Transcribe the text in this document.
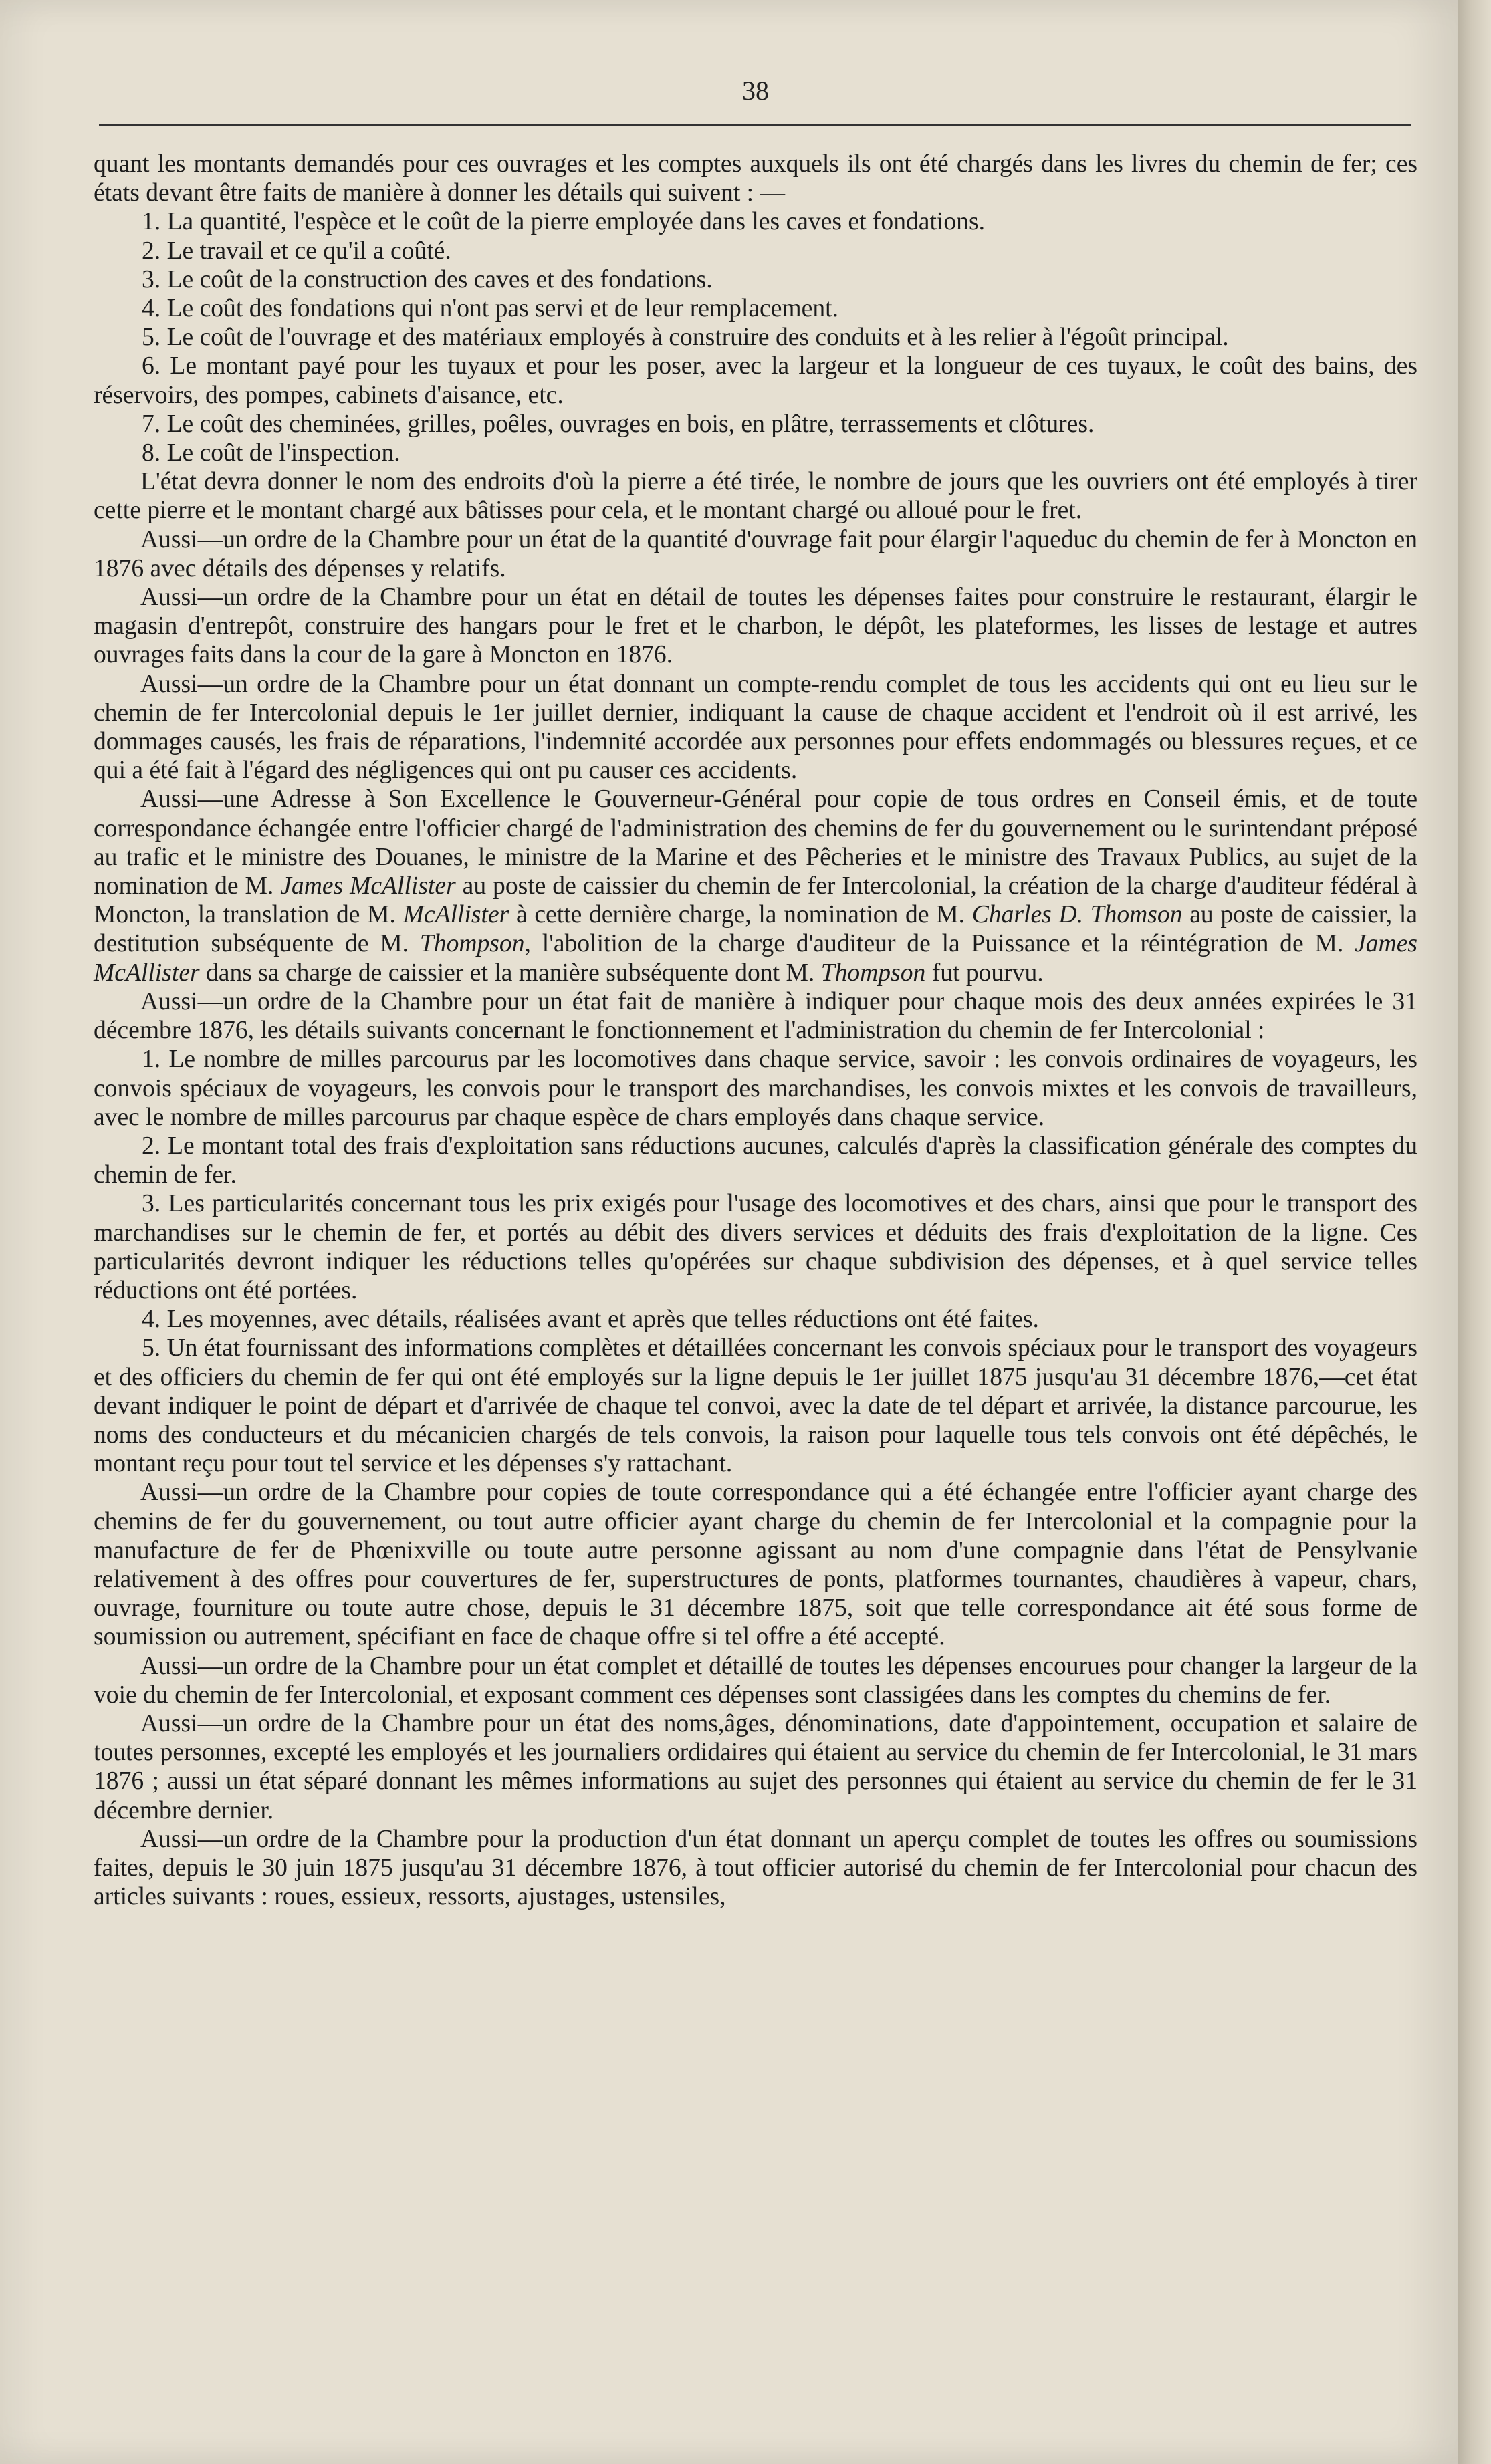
38

quant les montants demandés pour ces ouvrages et les comptes auxquels ils ont été chargés dans les livres du chemin de fer; ces états devant être faits de manière à donner les détails qui suivent : —

1. La quantité, l'espèce et le coût de la pierre employée dans les caves et fondations.

2. Le travail et ce qu'il a coûté.

3. Le coût de la construction des caves et des fondations.

4. Le coût des fondations qui n'ont pas servi et de leur remplacement.

5. Le coût de l'ouvrage et des matériaux employés à construire des conduits et à les relier à l'égoût principal.

6. Le montant payé pour les tuyaux et pour les poser, avec la largeur et la longueur de ces tuyaux, le coût des bains, des réservoirs, des pompes, cabinets d'aisance, etc.

7. Le coût des cheminées, grilles, poêles, ouvrages en bois, en plâtre, terrassements et clôtures.

8. Le coût de l'inspection.

L'état devra donner le nom des endroits d'où la pierre a été tirée, le nombre de jours que les ouvriers ont été employés à tirer cette pierre et le montant chargé aux bâtisses pour cela, et le montant chargé ou alloué pour le fret.

Aussi—un ordre de la Chambre pour un état de la quantité d'ouvrage fait pour élargir l'aqueduc du chemin de fer à Moncton en 1876 avec détails des dépenses y relatifs.

Aussi—un ordre de la Chambre pour un état en détail de toutes les dépenses faites pour construire le restaurant, élargir le magasin d'entrepôt, construire des hangars pour le fret et le charbon, le dépôt, les plateformes, les lisses de lestage et autres ouvrages faits dans la cour de la gare à Moncton en 1876.

Aussi—un ordre de la Chambre pour un état donnant un compte-rendu complet de tous les accidents qui ont eu lieu sur le chemin de fer Intercolonial depuis le 1er juillet dernier, indiquant la cause de chaque accident et l'endroit où il est arrivé, les dommages causés, les frais de réparations, l'indemnité accordée aux personnes pour effets endommagés ou blessures reçues, et ce qui a été fait à l'égard des négligences qui ont pu causer ces accidents.

Aussi—une Adresse à Son Excellence le Gouverneur-Général pour copie de tous ordres en Conseil émis, et de toute correspondance échangée entre l'officier chargé de l'administration des chemins de fer du gouvernement ou le surintendant préposé au trafic et le ministre des Douanes, le ministre de la Marine et des Pêcheries et le ministre des Travaux Publics, au sujet de la nomination de M. James McAllister au poste de caissier du chemin de fer Intercolonial, la création de la charge d'auditeur fédéral à Moncton, la translation de M. McAllister à cette dernière charge, la nomination de M. Charles D. Thomson au poste de caissier, la destitution subséquente de M. Thompson, l'abolition de la charge d'auditeur de la Puissance et la réintégration de M. James McAllister dans sa charge de caissier et la manière subséquente dont M. Thompson fut pourvu.

Aussi—un ordre de la Chambre pour un état fait de manière à indiquer pour chaque mois des deux années expirées le 31 décembre 1876, les détails suivants concernant le fonctionnement et l'administration du chemin de fer Intercolonial :

1. Le nombre de milles parcourus par les locomotives dans chaque service, savoir : les convois ordinaires de voyageurs, les convois spéciaux de voyageurs, les convois pour le transport des marchandises, les convois mixtes et les convois de travailleurs, avec le nombre de milles parcourus par chaque espèce de chars employés dans chaque service.

2. Le montant total des frais d'exploitation sans réductions aucunes, calculés d'après la classification générale des comptes du chemin de fer.

3. Les particularités concernant tous les prix exigés pour l'usage des locomotives et des chars, ainsi que pour le transport des marchandises sur le chemin de fer, et portés au débit des divers services et déduits des frais d'exploitation de la ligne. Ces particularités devront indiquer les réductions telles qu'opérées sur chaque subdivision des dépenses, et à quel service telles réductions ont été portées.

4. Les moyennes, avec détails, réalisées avant et après que telles réductions ont été faites.

5. Un état fournissant des informations complètes et détaillées concernant les convois spéciaux pour le transport des voyageurs et des officiers du chemin de fer qui ont été employés sur la ligne depuis le 1er juillet 1875 jusqu'au 31 décembre 1876,—cet état devant indiquer le point de départ et d'arrivée de chaque tel convoi, avec la date de tel départ et arrivée, la distance parcourue, les noms des conducteurs et du mécanicien chargés de tels convois, la raison pour laquelle tous tels convois ont été dépêchés, le montant reçu pour tout tel service et les dépenses s'y rattachant.

Aussi—un ordre de la Chambre pour copies de toute correspondance qui a été échangée entre l'officier ayant charge des chemins de fer du gouvernement, ou tout autre officier ayant charge du chemin de fer Intercolonial et la compagnie pour la manufacture de fer de Phœnixville ou toute autre personne agissant au nom d'une compagnie dans l'état de Pensylvanie relativement à des offres pour couvertures de fer, superstructures de ponts, platformes tournantes, chaudières à vapeur, chars, ouvrage, fourniture ou toute autre chose, depuis le 31 décembre 1875, soit que telle correspondance ait été sous forme de soumission ou autrement, spécifiant en face de chaque offre si tel offre a été accepté.

Aussi—un ordre de la Chambre pour un état complet et détaillé de toutes les dépenses encourues pour changer la largeur de la voie du chemin de fer Intercolonial, et exposant comment ces dépenses sont classigées dans les comptes du chemins de fer.

Aussi—un ordre de la Chambre pour un état des noms,âges, dénominations, date d'appointement, occupation et salaire de toutes personnes, excepté les employés et les journaliers ordidaires qui étaient au service du chemin de fer Intercolonial, le 31 mars 1876 ; aussi un état séparé donnant les mêmes informations au sujet des personnes qui étaient au service du chemin de fer le 31 décembre dernier.

Aussi—un ordre de la Chambre pour la production d'un état donnant un aperçu complet de toutes les offres ou soumissions faites, depuis le 30 juin 1875 jusqu'au 31 décembre 1876, à tout officier autorisé du chemin de fer Intercolonial pour chacun des articles suivants : roues, essieux, ressorts, ajustages, ustensiles,
